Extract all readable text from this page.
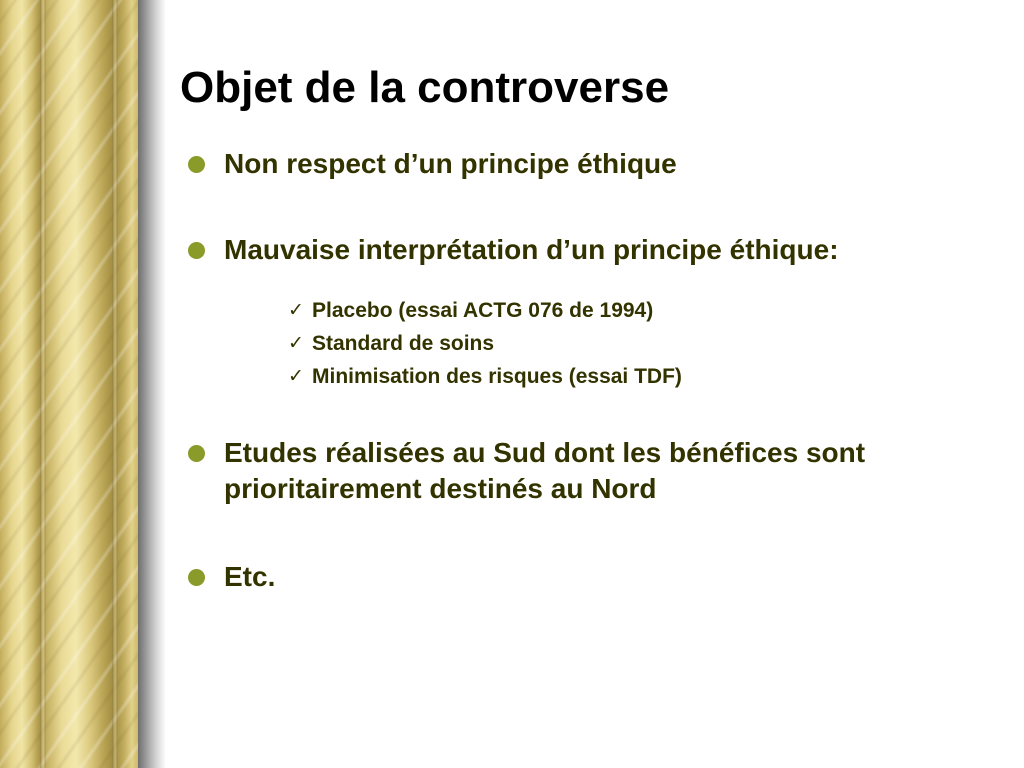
Objet de la controverse
Non respect d’un principe éthique
Mauvaise interprétation d’un principe éthique:
✓ Placebo (essai ACTG 076 de 1994)
✓ Standard de soins
✓ Minimisation des risques (essai TDF)
Etudes réalisées au Sud dont les bénéfices sont prioritairement destinés au Nord
Etc.
